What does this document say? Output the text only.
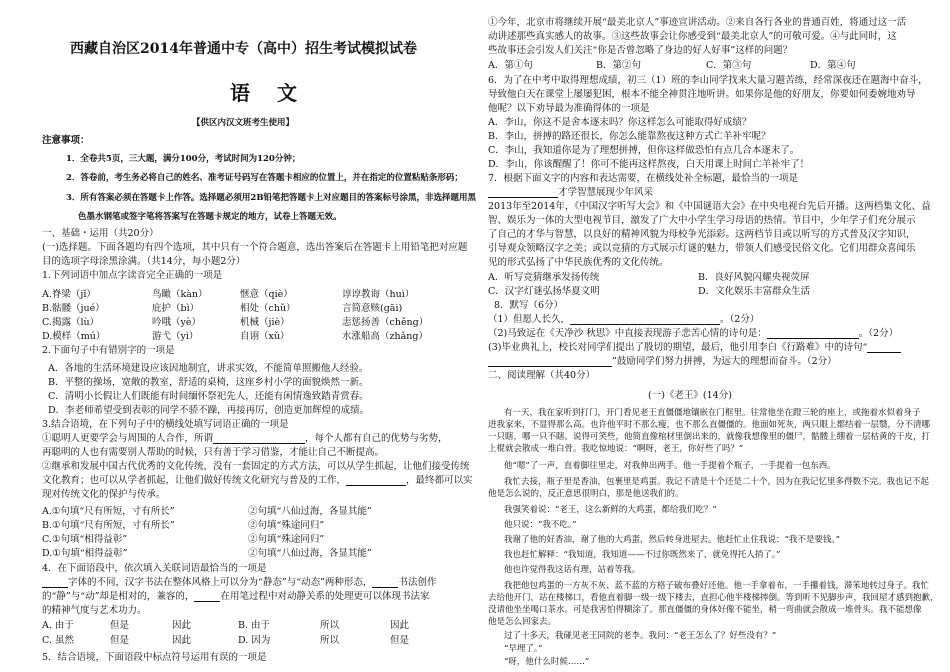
西藏自治区2014年普通中专（高中）招生考试模拟试卷
语 文
【供区内汉文班考生使用】
注意事项：
1．全卷共5页，三大题，满分100分，考试时间为120分钟；
2．答卷前，考生务必将自己的姓名、准考证号码写在答题卡相应的位置上，并在指定的位置粘贴条形码；
3．所有答案必须在答题卡上作答。选择题必须用2B铅笔把答题卡上对应题目的答案标号涂黑，非选择题用黑
色墨水钢笔或签字笔将答案写在答题卡规定的地方，试卷上答题无效。
一、基础・运用（共20分）
(一)选择题。下面各题均有四个选项，其中只有一个符合题意，选出答案后在答题卡上用铅笔把对应题
目的选项字母涂黑涂满。（共14分，每小题2分）
1.下列词语中加点字读音完全正确的一项是
A.脊梁（jǐ）	鸟瞰（kàn）	惬意（qiè）	谆谆教诲（huì）
B.骷髅（jué）	庇护（bì）	相处（chǔ）	言简意赅(gāi)
C.揭露（lù）	吟哦（yè）	机械（jiè）	恚惩扬善（chěng）
D.模样（mú）	游弋（yì）	自诩（xǔ）	水涨船高（zhǎng）
2.下面句子中有错别字的一项是
A．各地的生活环境建设应该因地制宜，讲求实效，不能简单照搬他人经验。
B．平整的操场，宽敞的教室，舒适的桌椅，这座乡村小学的面貌焕然一新。
C．清明小长假让人们既能有时间缅怀祭祀先人，还能有闲情逸致踏青赏春。
D．李老师希望受到表彰的同学不骄不躁，再接再厉，创造更加辉煌的成绩。
3.结合语境，在下列句子中的横线处填写词语正确的一项是
①聪明人更要学会与周围的人合作，所谓	，每个人都有自己的优势与劣势，
再聪明的人也有需要别人帮助的时候，只有善于学习借鉴，才能让自己不断提高。
②继承和发展中国古代优秀的文化传统，没有一套固定的方式方法，可以从学生抓起，让他们接受传统
文化教育；也可以从学者抓起，让他们做好传统文化研究与普及的工作，	，最终都可以实
现对传统文化的保护与传承。
A.①句填“尺有所短，寸有所长”	②句填“八仙过海，各显其能”
B.①句填“尺有所短，寸有所长”	②句填“殊途同归”
C.①句填“相得益彰”	②句填“殊途同归”
D.①句填“相得益彰”	②句填“八仙过海，各显其能”
4．在下面语段中，依次填入关联词语最恰当的一项是
字体的不同，汉字书法在整体风格上可以分为“静态”与“动态”两种形态，	书法创作
的“静”与“动”却是相对的，兼容的，	在用笔过程中对动静关系的处理更可以体现书法家
的精神气度与艺术功力。
A. 由于	但是	因此	B. 由于	所以	因此
C. 虽然	但是	因此	D. 因为	所以	但是
5．结合语境，下面语段中标点符号运用有误的一项是
①今年，北京市将继续开展“最美北京人”事迹宣讲活动。②来自各行各业的普通百姓，将通过这一活
动讲述那些真实感人的故事。③这些故事会让你感受到“最美北京人”的可敬可爱。④与此同时，这
些故事还会引发人们关注“你是否曾忽略了身边的好人好事”这样的问题？
A．第①句	B．第②句	C．第③句	D．第④句
6．为了在中考中取得理想成绩，初三（1）班的李山同学找来大量习题苦练，经常深夜还在题海中奋斗，
导致他白天在课堂上屡屡犯困，根本不能全神贯注地听讲。如果你是他的好朋友，你要如何委婉地劝导
他呢？以下劝导最为准确得体的一项是
A．李山，你这不是舍本逐末吗？你这样怎么可能取得好成绩？
B．李山，拼搏的路还很长，你怎么能靠熬夜这种方式亡羊补牢呢？
C．李山，我知道你是为了理想拼搏，但你这样做恐怕有点几合本逐末了。
D．李山，你该醒醒了！你可不能再这样熬夜，白天用课上时间亡羊补牢了！
7．根据下面文字的内容和表达需要，在横线处补全标题，最恰当的一项是
才学智慧展现少年风采
2013年至2014年，《中国汉字听写大会》和《中国谜语大会》在中央电视台先后开播。这两档集文化、益
智、娱乐为一体的大型电视节目，激发了广大中小学生学习母语的热情。节目中，少年学子们充分展示
了自己的才华与智慧，以良好的精神风貌为母校争光添彩。这两档节目或以听写的方式普及汉字知识，
引导观众领略汉字之美；或以竞猜的方式展示灯谜的魅力，带领人们感受民俗文化。它们用群众喜闻乐
见的形式弘扬了中华民族优秀的文化传统。
A．听写竞猜继承发扬传统	B．良好风貌闪耀央视荧屏
C．汉字灯谜弘扬华夏文明	D．文化娱乐丰富群众生活
8．默写（6分）
（1）但愿人长久，	。（2分）
（2)马致远在《天净沙 秋思》中直接表现游子悲苦心情的诗句是：	。（2分）
(3)毕业典礼上，校长对同学们提出了殷切的期望，最后，他引用李白《行路难》中的诗句“
”鼓励同学们努力拼搏，为远大的理想而奋斗。（2分）
二、阅读理解（共40分）
(一)《老王》(14分)
有一天，我在家听到打门，开门看见老王直僵僵地镶嵌在门框里。往常他坐在蹬三轮的座上，或拖着水似着身子
进我家来，不显得那么高。也许他平时不那么瘦，也不那么直僵僵的。他面如死灰，两只眼上都结着一层翳，分不清哪
一只瞎，哪一只不瞎。说得可笑些，他简直像棺材里倒出来的，就像我想像里的僵尸，骷髅上绷着一层枯黄的干皮，打
上棍就会散成一堆白骨。我吃惊地说：“啊呀，老王，你好些了吗？”
他“嗯”了一声，直着脚往里走，对我伸出两手。他一手提着个瓶子，一手提着一包东西。
我忙去接，瓶子里是香油，包裹里是鸡蛋。我记不清是十个还是二十个，因为在我记忆里多得数不完。我也记不起
他是怎么说的，反正意思很明白，那是他送我们的。
我强笑着说：“老王，这么新鲜的大鸡蛋，都给我们吃？”
他只说：“我不吃。”
我谢了他的好香油，谢了他的大鸡蛋，然后转身进屋去。他赶忙止住我说：“我不是要钱。”
我也赶忙解释：“我知道，我知道——不过你既然来了，就免得托人捎了。”
他也许觉得我这话有理，站着等我。
我把他包鸡蛋的一方灰不灰、蓝不蓝的方格子破布叠好还他。他一手拿着布，一手攥着钱，滞笨地转过身子。我忙
去给他开门，站在楼梯口，看他直着脚一级一级下楼去，直担心他半楼梯摔倒。等到听不见脚步声，我回屋才感到抱歉，
没请他坐坐喝口茶水。可是我害怕得糊涂了。那直僵僵的身体好像不能坐，稍一弯曲就会散成一堆骨头。我不能想像
他是怎么回家去。
过了十多天，我碰见老王同院的老李。我问：“老王怎么了？好些没有？”
“早埋了。”
“呀，他什么时候……”
